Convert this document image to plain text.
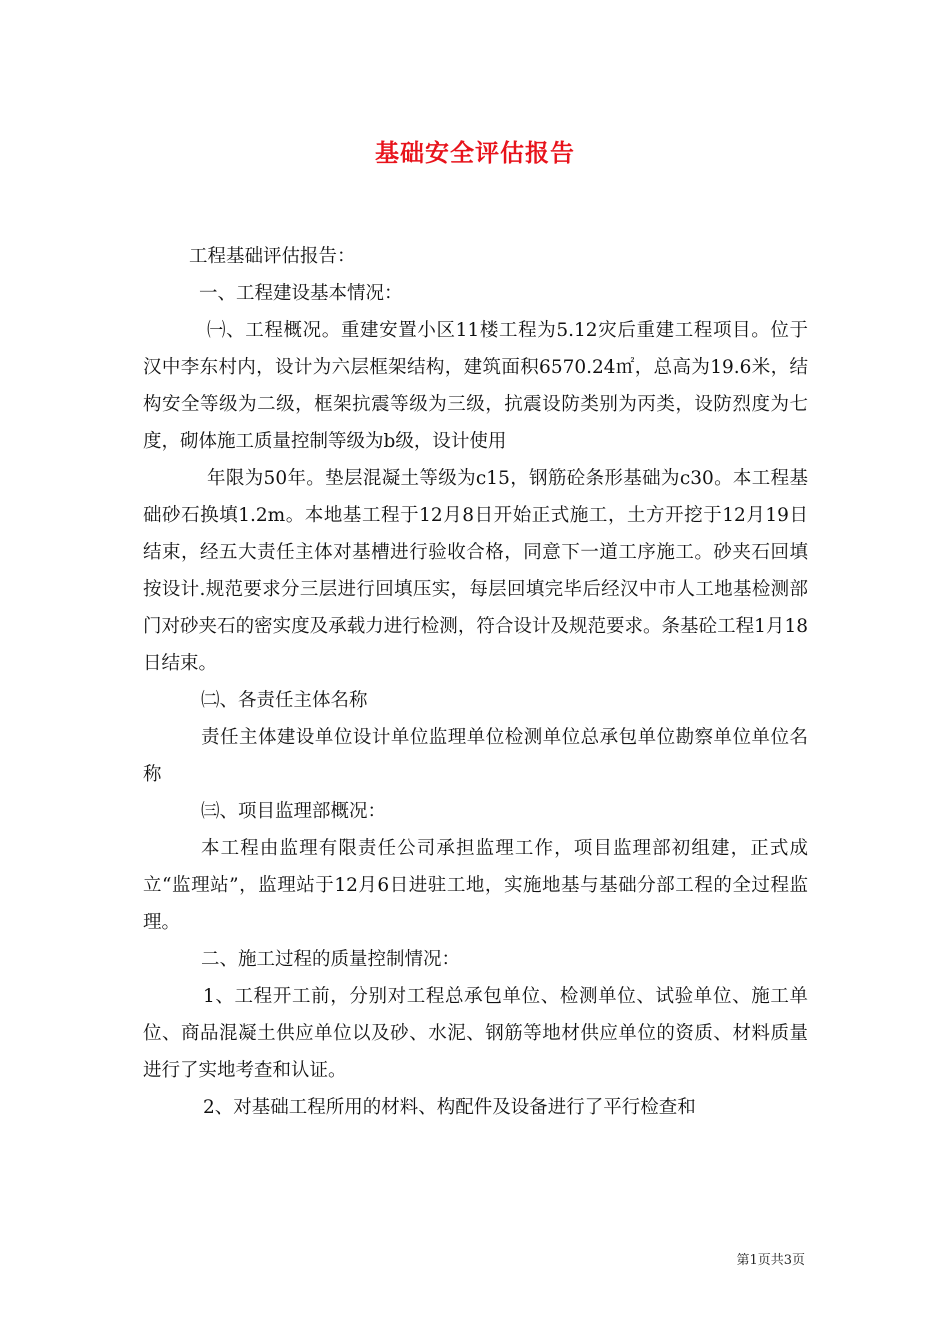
基础安全评估报告

工程基础评估报告：

一、工程建设基本情况：

㈠、工程概况。重建安置小区11楼工程为5.12灾后重建工程项目。位于汉中李东村内，设计为六层框架结构，建筑面积6570.24㎡，总高为19.6米，结构安全等级为二级，框架抗震等级为三级，抗震设防类别为丙类，设防烈度为七度，砌体施工质量控制等级为b级，设计使用

年限为50年。垫层混凝土等级为c15，钢筋砼条形基础为c30。本工程基础砂石换填1.2m。本地基工程于12月8日开始正式施工，土方开挖于12月19日结束，经五大责任主体对基槽进行验收合格，同意下一道工序施工。砂夹石回填按设计.规范要求分三层进行回填压实，每层回填完毕后经汉中市人工地基检测部门对砂夹石的密实度及承载力进行检测，符合设计及规范要求。条基砼工程1月18日结束。

㈡、各责任主体名称

责任主体建设单位设计单位监理单位检测单位总承包单位勘察单位单位名称

㈢、项目监理部概况：

本工程由监理有限责任公司承担监理工作，项目监理部初组建，正式成立“监理站”，监理站于12月6日进驻工地，实施地基与基础分部工程的全过程监理。

二、施工过程的质量控制情况：

1、工程开工前，分别对工程总承包单位、检测单位、试验单位、施工单位、商品混凝土供应单位以及砂、水泥、钢筋等地材供应单位的资质、材料质量进行了实地考查和认证。

2、对基础工程所用的材料、构配件及设备进行了平行检查和

第1页共3页
